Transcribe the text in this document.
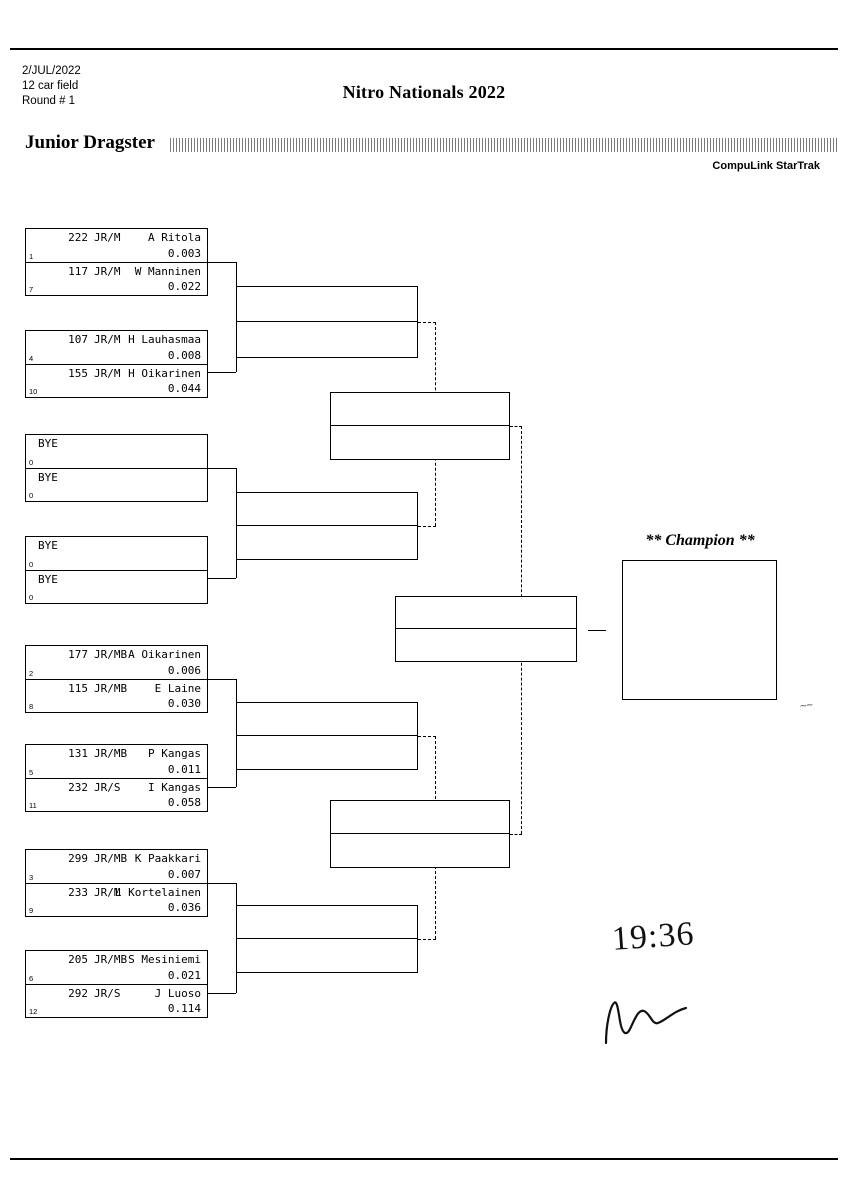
2/JUL/2022
12 car field
Round # 1	Nitro Nationals 2022
Junior Dragster
CompuLink StarTrak
1
222 JR/M	A Ritola
0.003
7
117 JR/M W Manninen
0.022
4
107 JR/M H Lauhasmaa
0.008
10
155 JR/M H Oikarinen
0.044
0
BYE
0
BYE
0
BYE
0
BYE
2
177 JR/MB A Oikarinen
0.006
8
115 JR/MB	E Laine
0.030
5
131 JR/MB P Kangas
0.011
11
232 JR/S	I Kangas
0.058
3
299 JR/MB K Paakkari
0.007
9
233 JR/M
L Kortelainen
0.036
6
205 JR/MB S Mesiniemi
0.021
12
292 JR/S	J Luoso
0.114
** Champion **
~~
19:36
